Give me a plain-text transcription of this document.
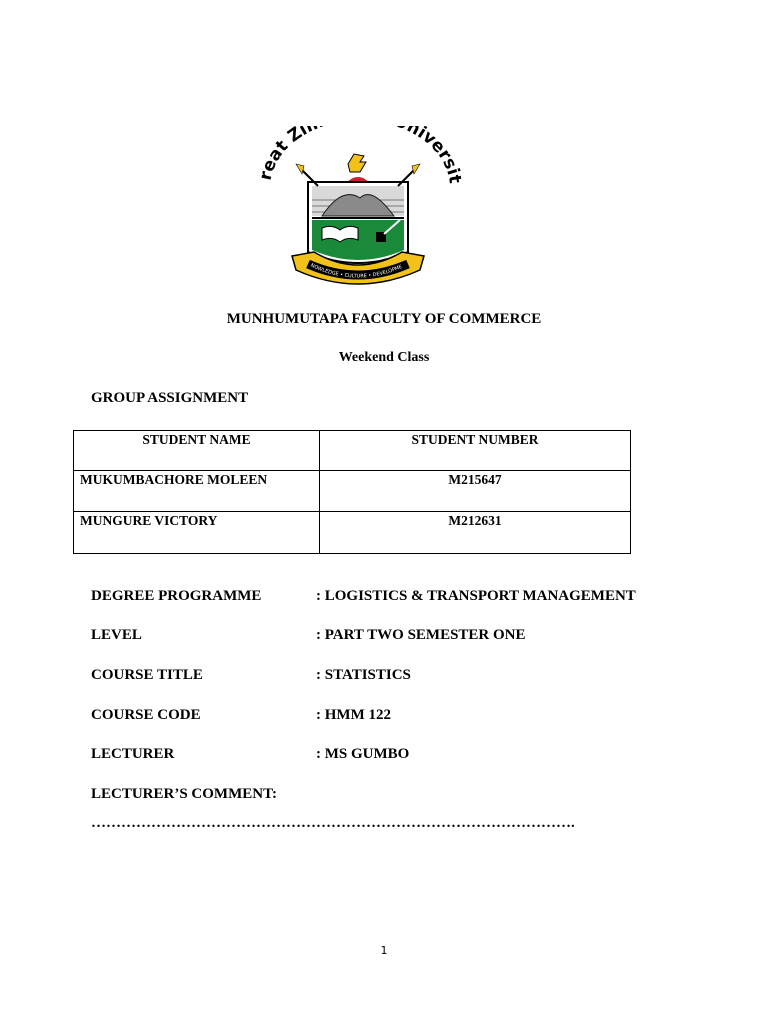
reat Zi niversit
NOWLEDGE • CULTURE • DEVELOPME
MUNHUMUTAPA FACULTY OF COMMERCE
Weekend Class
GROUP ASSIGNMENT
STUDENT NAME	STUDENT NUMBER
MUKUMBACHORE MOLEEN	M215647
MUNGURE VICTORY	M212631
DEGREE PROGRAMME	: LOGISTICS & TRANSPORT MANAGEMENT
LEVEL	: PART TWO SEMESTER ONE
COURSE TITLE	: STATISTICS
COURSE CODE	: HMM 122
LECTURER	: MS GUMBO
LECTURER’S COMMENT:
…………………………………………………………………………………….
1
